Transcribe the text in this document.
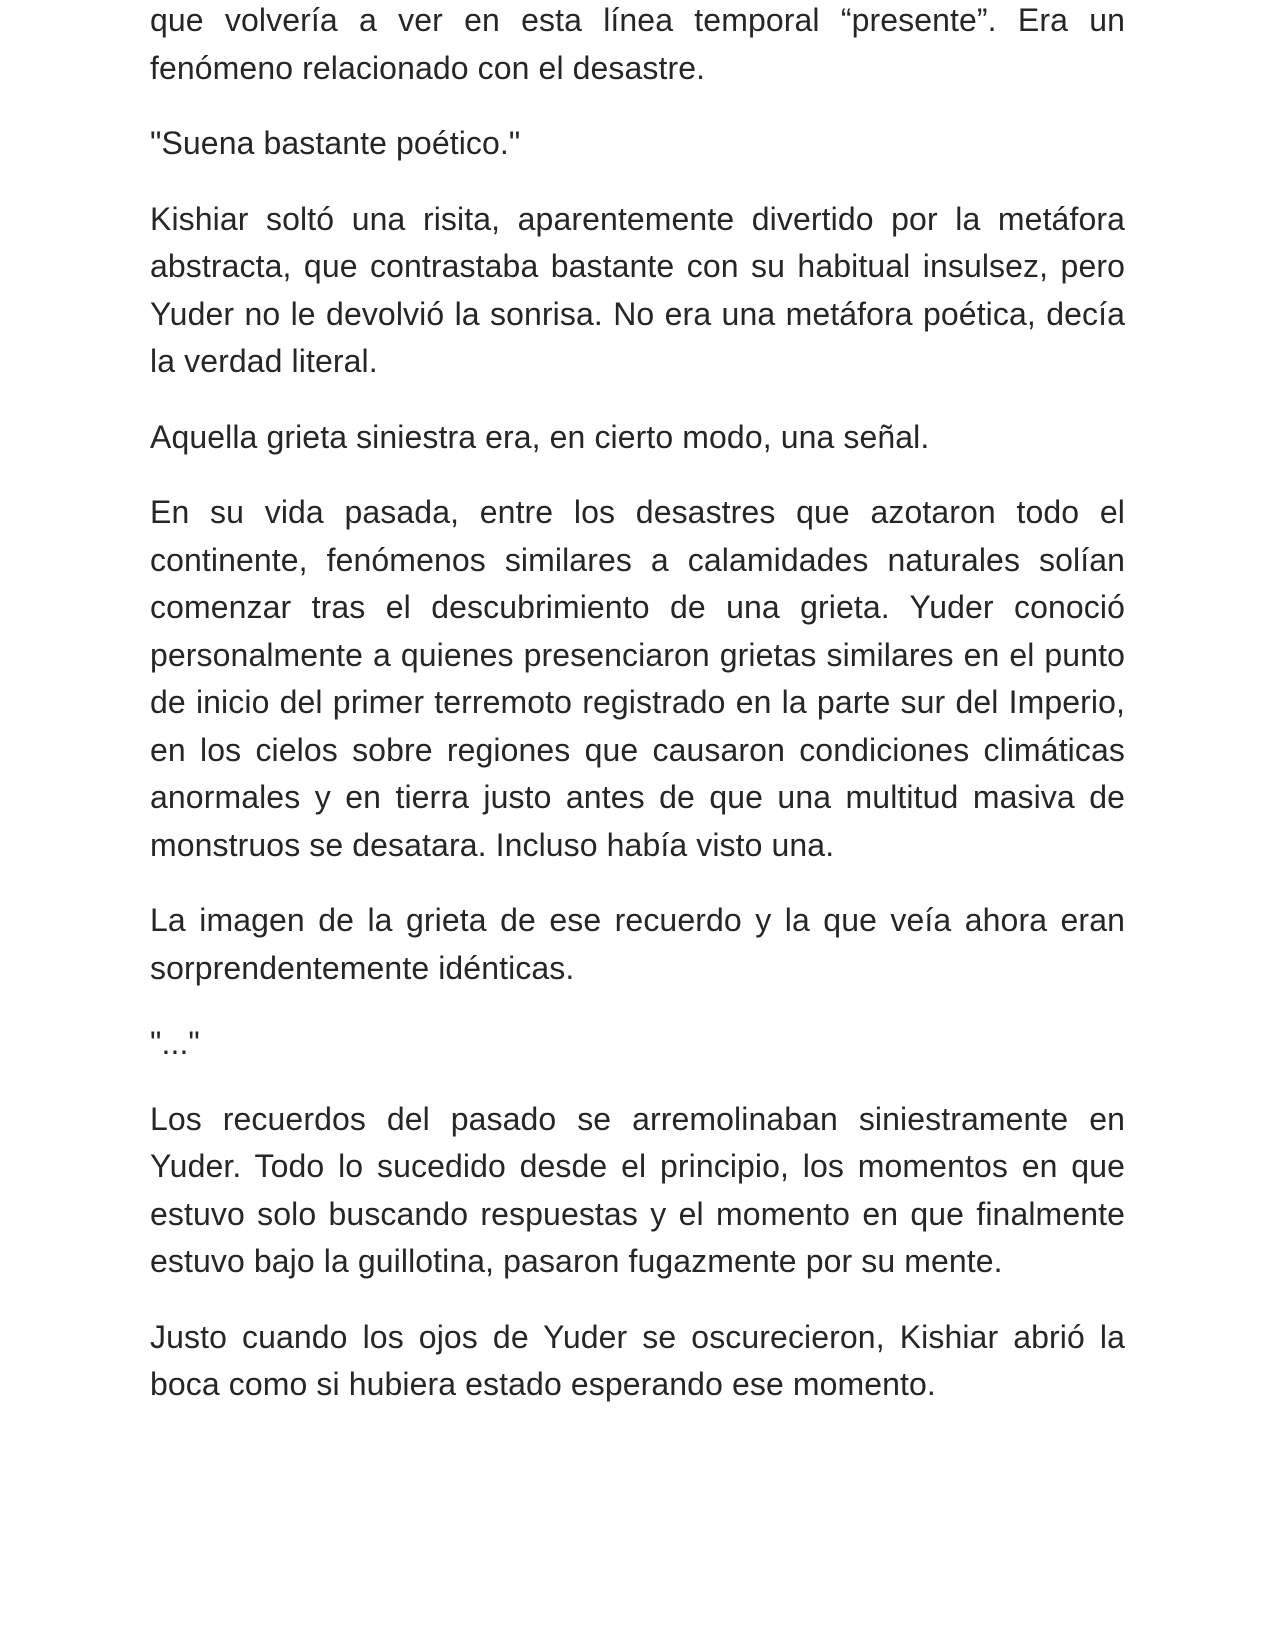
que volvería a ver en esta línea temporal “presente”. Era un fenómeno relacionado con el desastre.

"Suena bastante poético."

Kishiar soltó una risita, aparentemente divertido por la metáfora abstracta, que contrastaba bastante con su habitual insulsez, pero Yuder no le devolvió la sonrisa. No era una metáfora poética, decía la verdad literal.

Aquella grieta siniestra era, en cierto modo, una señal.

En su vida pasada, entre los desastres que azotaron todo el continente, fenómenos similares a calamidades naturales solían comenzar tras el descubrimiento de una grieta. Yuder conoció personalmente a quienes presenciaron grietas similares en el punto de inicio del primer terremoto registrado en la parte sur del Imperio, en los cielos sobre regiones que causaron condiciones climáticas anormales y en tierra justo antes de que una multitud masiva de monstruos se desatara. Incluso había visto una.

La imagen de la grieta de ese recuerdo y la que veía ahora eran sorprendentemente idénticas.

"..."

Los recuerdos del pasado se arremolinaban siniestramente en Yuder. Todo lo sucedido desde el principio, los momentos en que estuvo solo buscando respuestas y el momento en que finalmente estuvo bajo la guillotina, pasaron fugazmente por su mente.

Justo cuando los ojos de Yuder se oscurecieron, Kishiar abrió la boca como si hubiera estado esperando ese momento.
